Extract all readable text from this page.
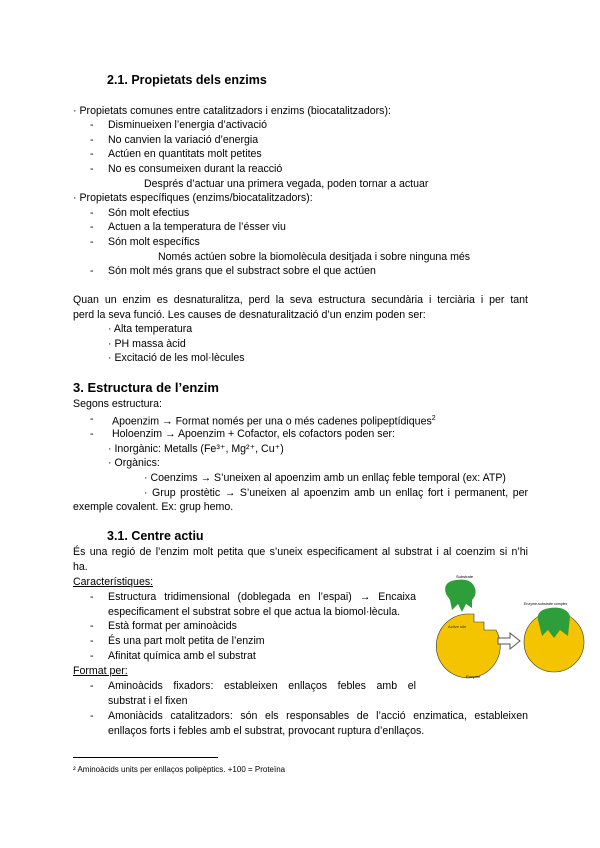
2.1. Propietats dels enzims
· Propietats comunes entre catalitzadors i enzims (biocatalitzadors):
- Disminueixen l’energia d’activació
- No canvien la variació d’energia
- Actúen en quantitats molt petites
- No es consumeixen durant la reacció
Després d’actuar una primera vegada, poden tornar a actuar
· Propietats específiques (enzims/biocatalitzadors):
- Són molt efectius
- Actuen a la temperatura de l’ésser viu
- Són molt específics
Només actúen sobre la biomolècula desitjada i sobre ninguna més
- Són molt més grans que el substract sobre el que actúen
Quan un enzim es desnaturalitza, perd la seva estructura secundària i terciària i per tant
perd la seva funció. Les causes de desnaturalització d’un enzim poden ser:
· Alta temperatura
· PH massa àcid
· Excitació de les mol·lècules
3. Estructura de l’enzim
Segons estructura:
- Apoenzim → Format només per una o més cadenes polipeptídiques$^2$
- Holoenzim → Apoenzim + Cofactor, els cofactors poden ser:
· Inorgànic: Metalls (Fe³⁺, Mg²⁺, Cu⁺)
· Orgànics:
· Coenzims → S’uneixen al apoenzim amb un enllaç feble temporal (ex: ATP)
· Grup prostètic → S’uneixen al apoenzim amb un enllaç fort i permanent, per
exemple covalent. Ex: grup hemo.
3.1. Centre actiu
És una regió de l’enzim molt petita que s’uneix especificament al substrat i al coenzim si n’hi
ha.
Característiques:
- Estructura tridimensional (doblegada en l’espai) → Encaixa
especificament el substrat sobre el que actua la biomol·lècula.
- Està format per aminoàcids
- És una part molt petita de l’enzim
- Afinitat química amb el substrat
Format per:
- Aminoàcids fixadors: estableixen enllaços febles amb el
substrat i el fixen
- Amoniàcids catalitzadors: són els responsables de l’acció enzimatica, estableixen
enllaços forts i febles amb el substrat, provocant ruptura d’enllaços.
Substrate
Active site
Enzyme
Enzyme-substrate complex
² Aminoàcids units per enllaços polipèptics. +100 = Proteïna
